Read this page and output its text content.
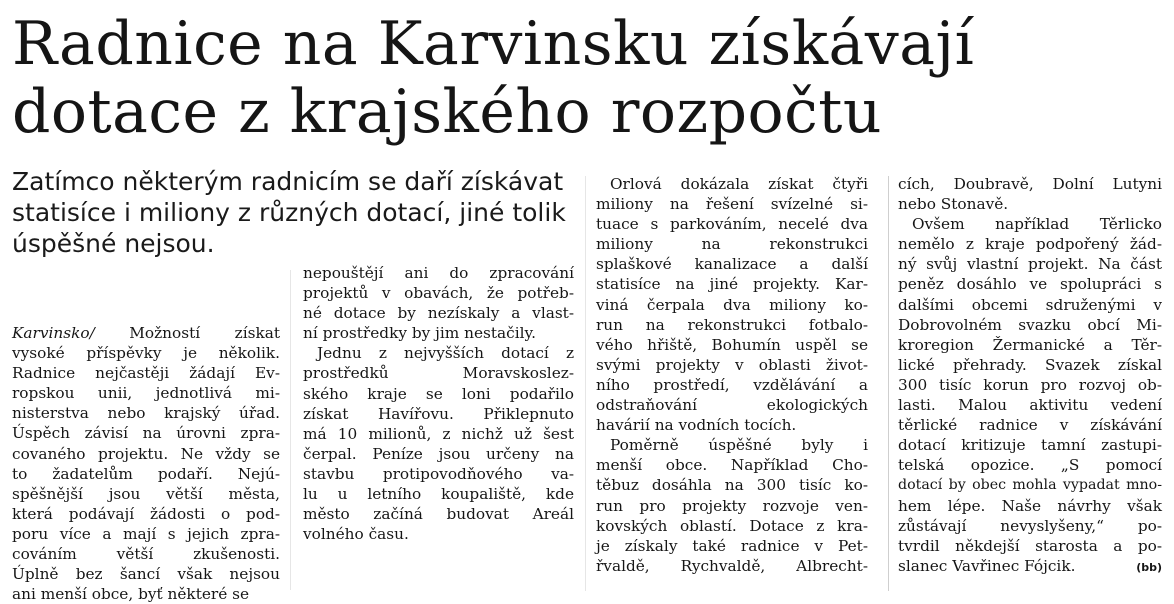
Radnice na Karvinsku získávají
dotace z krajského rozpočtu
Zatímco některým radnicím se daří získávat
statisíce i miliony z různých dotací, jiné tolik
úspěšné nejsou.
Karvinsko/ Možností získat
vysoké příspěvky je několik.
Radnice nejčastěji žádají Ev-
ropskou unii, jednotlivá mi-
nisterstva nebo krajský úřad.
Úspěch závisí na úrovni zpra-
covaného projektu. Ne vždy se
to žadatelům podaří. Nejú-
spěšnější jsou větší města,
která podávají žádosti o pod-
poru více a mají s jejich zpra-
cováním větší zkušenosti.
Úplně bez šancí však nejsou
ani menší obce, byť některé se
nepouštějí ani do zpracování
projektů v obavách, že potřeb-
né dotace by nezískaly a vlast-
ní prostředky by jim nestačily.
Jednu z nejvyšších dotací z
prostředků Moravskoslez-
ského kraje se loni podařilo
získat Havířovu. Přiklepnuto
má 10 milionů, z nichž už šest
čerpal. Peníze jsou určeny na
stavbu protipovodňového va-
lu u letního koupaliště, kde
město začíná budovat Areál
volného času.
Orlová dokázala získat čtyři
miliony na řešení svízelné si-
tuace s parkováním, necelé dva
miliony na rekonstrukci
splaškové kanalizace a další
statisíce na jiné projekty. Kar-
viná čerpala dva miliony ko-
run na rekonstrukci fotbalo-
vého hřiště, Bohumín uspěl se
svými projekty v oblasti život-
ního prostředí, vzdělávání a
odstraňování ekologických
havárií na vodních tocích.
Poměrně úspěšné byly i
menší obce. Například Cho-
těbuz dosáhla na 300 tisíc ko-
run pro projekty rozvoje ven-
kovských oblastí. Dotace z kra-
je získaly také radnice v Pet-
řvaldě, Rychvaldě, Albrecht-
cích, Doubravě, Dolní Lutyni
nebo Stonavě.
Ovšem například Těrlicko
nemělo z kraje podpořený žád-
ný svůj vlastní projekt. Na část
peněz dosáhlo ve spolupráci s
dalšími obcemi sdruženými v
Dobrovolném svazku obcí Mi-
kroregion Žermanické a Těr-
lické přehrady. Svazek získal
300 tisíc korun pro rozvoj ob-
lasti. Malou aktivitu vedení
těrlické radnice v získávání
dotací kritizuje tamní zastupi-
telská opozice. „S pomocí
dotací by obec mohla vypadat mno-
hem lépe. Naše návrhy však
zůstávají nevyslyšeny,“ po-
tvrdil někdejší starosta a po-
slanec Vavřinec Fójcik.	(bb)
